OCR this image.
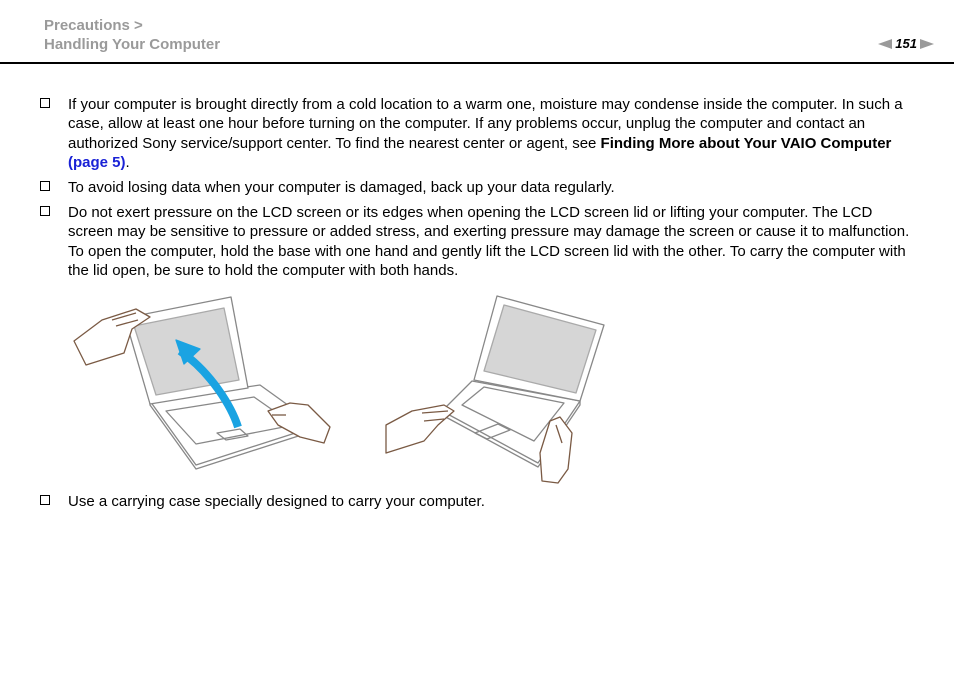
Precautions >
Handling Your Computer	151
If your computer is brought directly from a cold location to a warm one, moisture may condense inside the computer. In such a case, allow at least one hour before turning on the computer. If any problems occur, unplug the computer and contact an authorized Sony service/support center. To find the nearest center or agent, see Finding More about Your VAIO Computer (page 5).
To avoid losing data when your computer is damaged, back up your data regularly.
Do not exert pressure on the LCD screen or its edges when opening the LCD screen lid or lifting your computer. The LCD screen may be sensitive to pressure or added stress, and exerting pressure may damage the screen or cause it to malfunction. To open the computer, hold the base with one hand and gently lift the LCD screen lid with the other. To carry the computer with the lid open, be sure to hold the computer with both hands.
Use a carrying case specially designed to carry your computer.
